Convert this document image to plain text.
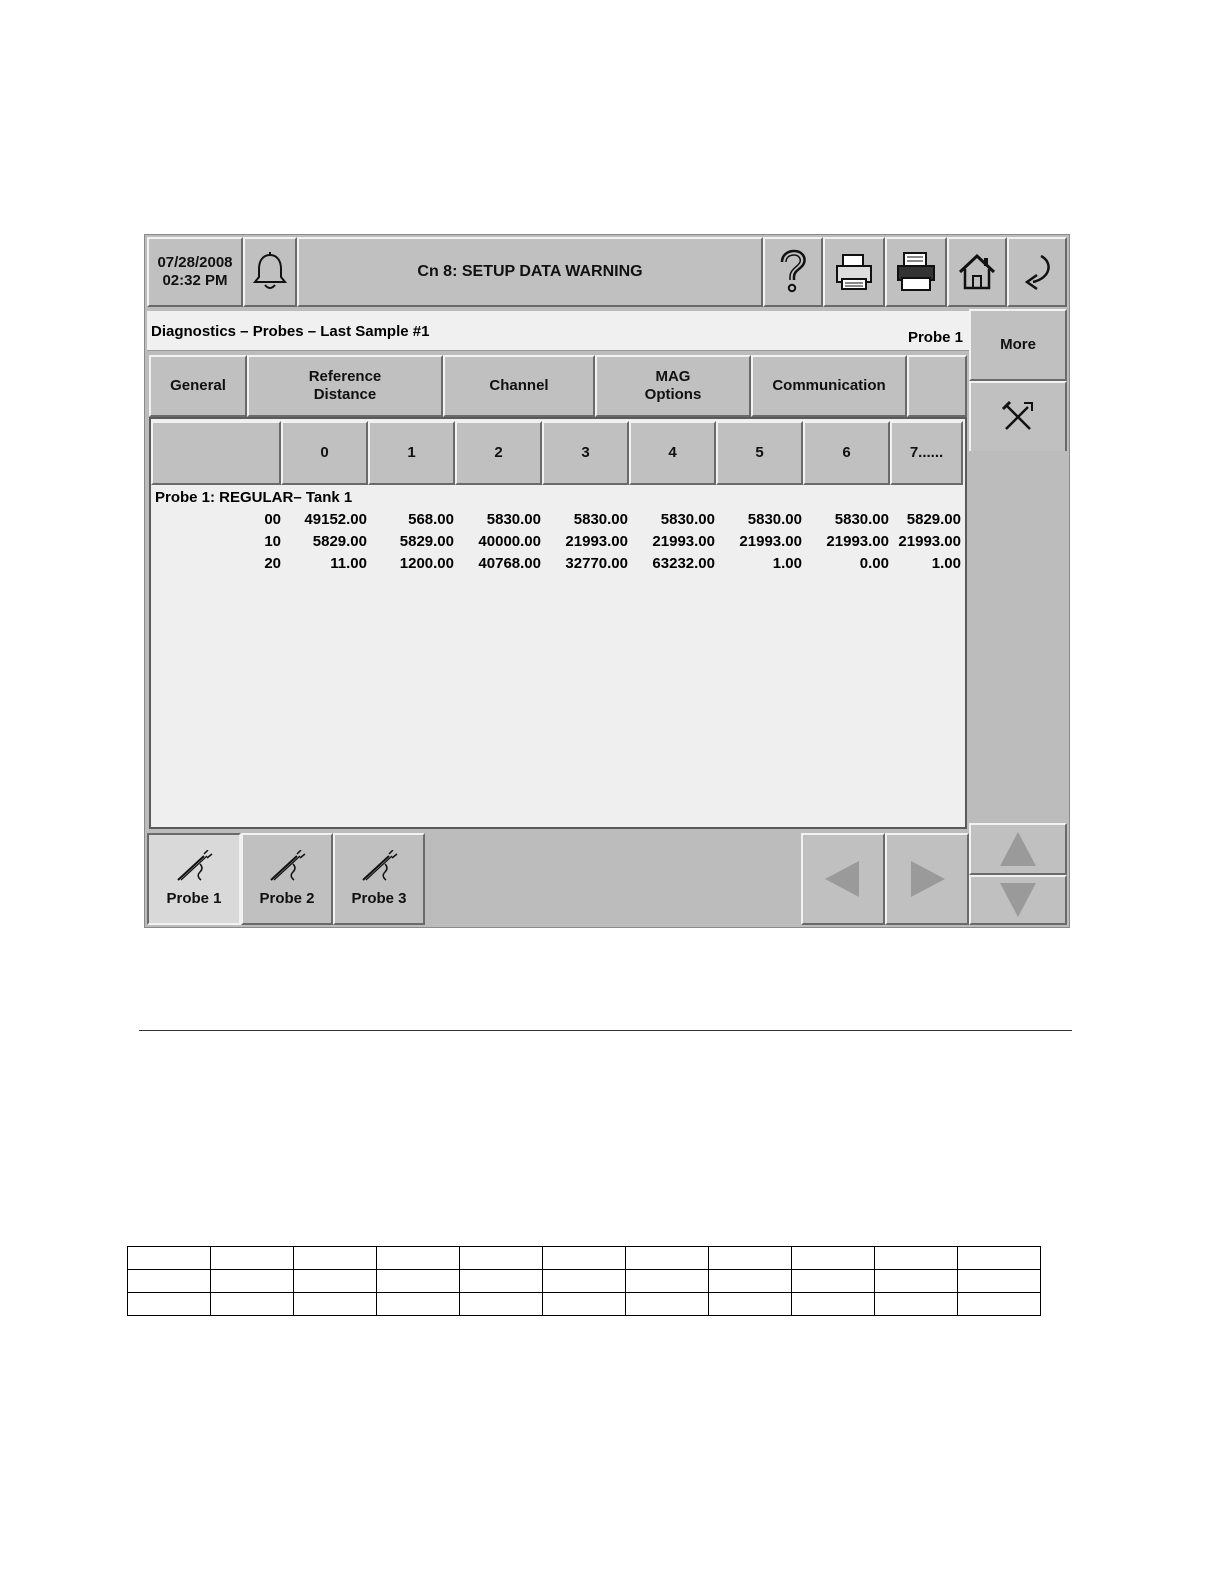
07/28/2008
02:32 PM
Cn 8: SETUP DATA WARNING
Diagnostics – Probes – Last Sample #1	Probe 1 More
General
Reference
Distance
Channel
MAG
Options
Communication
0	1	2	3	4	5	6	7......
Probe 1: REGULAR– Tank 1
00 49152.00	568.00 5830.00 5830.00 5830.00 5830.00 5830.00 5829.00
10 5829.00 5829.00 40000.00 21993.00 21993.00 21993.00 21993.00 21993.00
20	11.00 1200.00 40768.00 32770.00 63232.00	1.00	0.00	1.00
Probe 1	Probe 2 Probe 3
